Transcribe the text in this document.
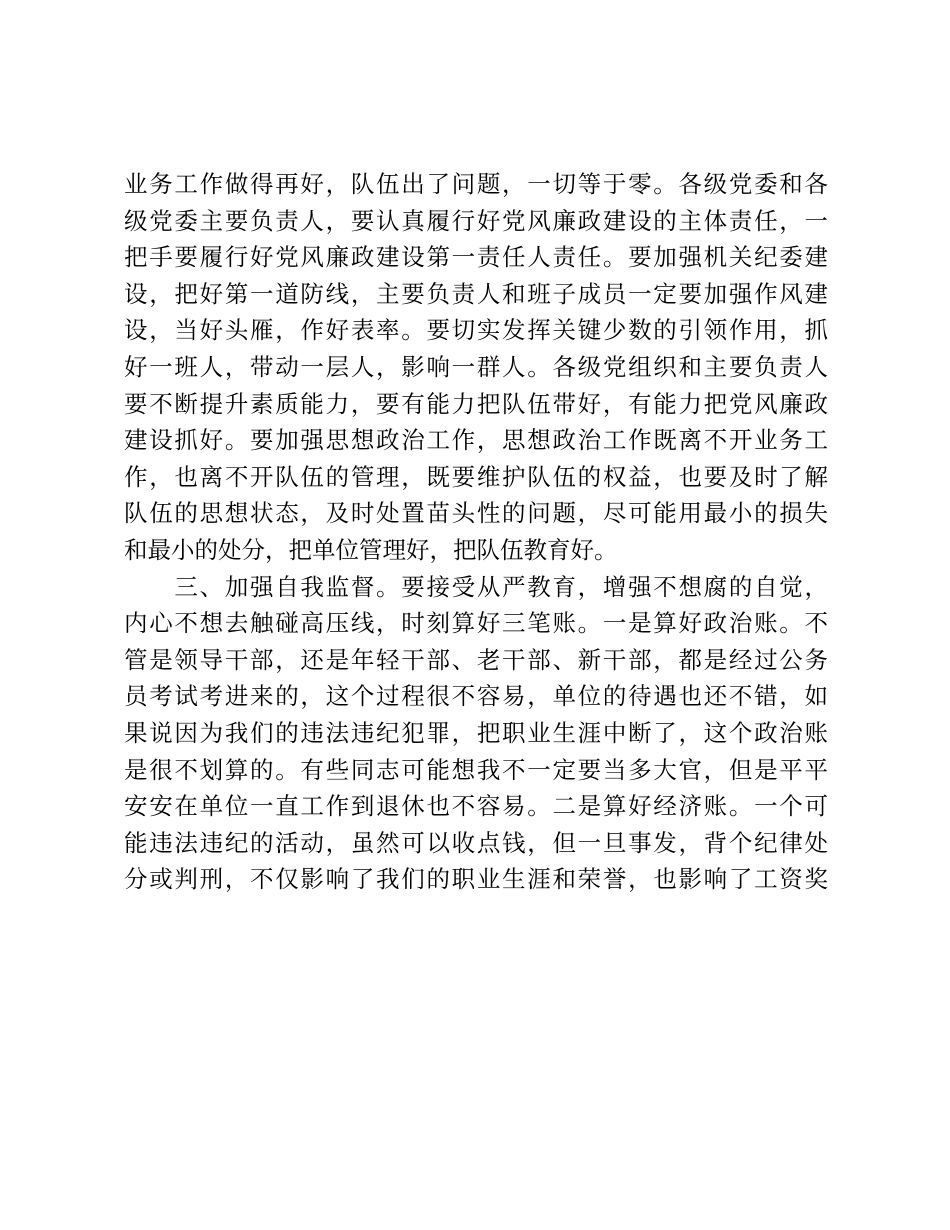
业务工作做得再好，队伍出了问题，一切等于零。各级党委和各
级党委主要负责人，要认真履行好党风廉政建设的主体责任，一
把手要履行好党风廉政建设第一责任人责任。要加强机关纪委建
设，把好第一道防线，主要负责人和班子成员一定要加强作风建
设，当好头雁，作好表率。要切实发挥关键少数的引领作用，抓
好一班人，带动一层人，影响一群人。各级党组织和主要负责人
要不断提升素质能力，要有能力把队伍带好，有能力把党风廉政
建设抓好。要加强思想政治工作，思想政治工作既离不开业务工
作，也离不开队伍的管理，既要维护队伍的权益，也要及时了解
队伍的思想状态，及时处置苗头性的问题，尽可能用最小的损失
和最小的处分，把单位管理好，把队伍教育好。
　　三、加强自我监督。要接受从严教育，增强不想腐的自觉，
内心不想去触碰高压线，时刻算好三笔账。一是算好政治账。不
管是领导干部，还是年轻干部、老干部、新干部，都是经过公务
员考试考进来的，这个过程很不容易，单位的待遇也还不错，如
果说因为我们的违法违纪犯罪，把职业生涯中断了，这个政治账
是很不划算的。有些同志可能想我不一定要当多大官，但是平平
安安在单位一直工作到退休也不容易。二是算好经济账。一个可
能违法违纪的活动，虽然可以收点钱，但一旦事发，背个纪律处
分或判刑，不仅影响了我们的职业生涯和荣誉，也影响了工资奖
